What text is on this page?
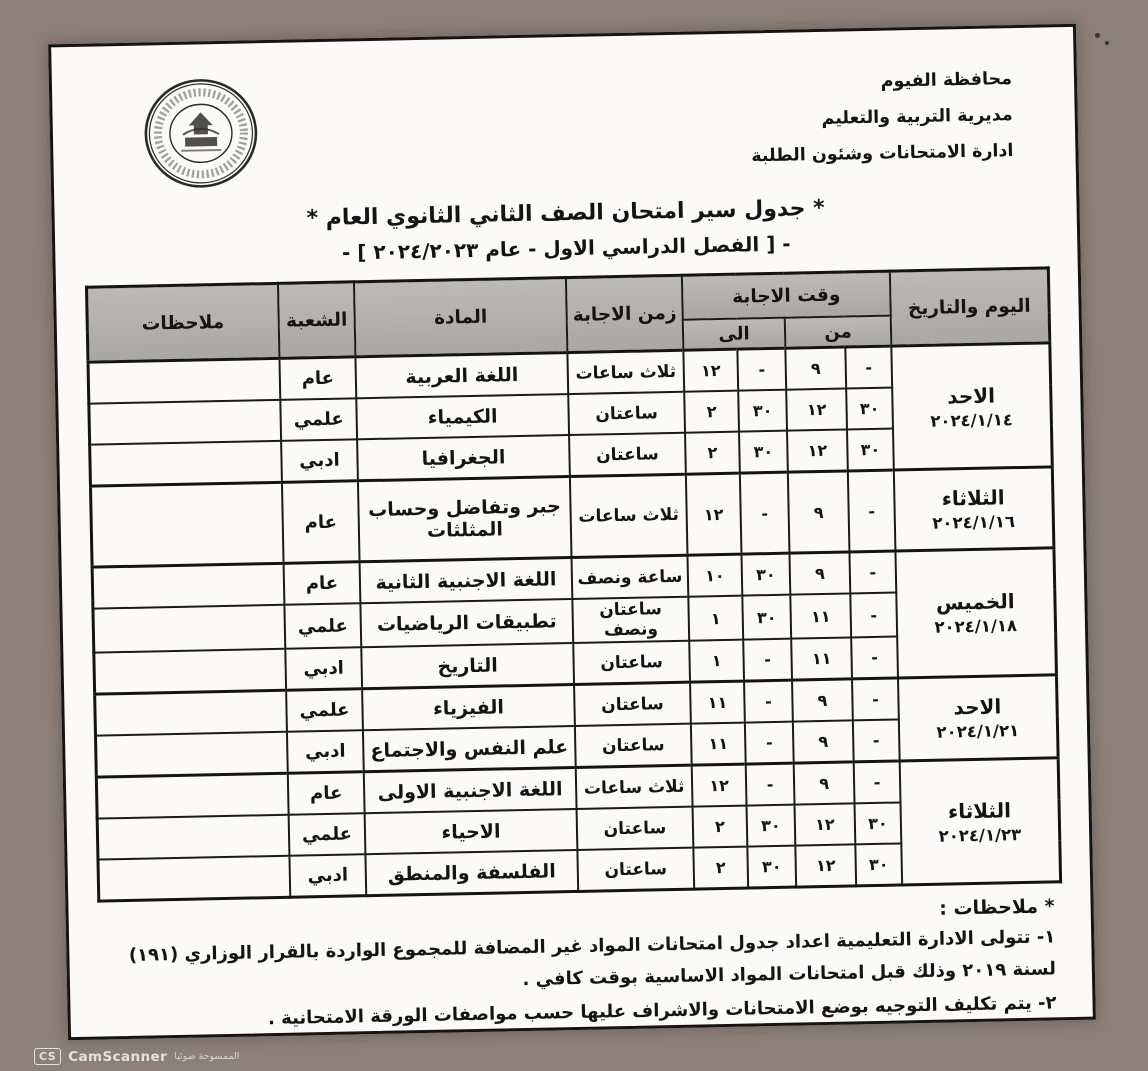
محافظة الفيوم
مديرية التربية والتعليم
ادارة الامتحانات وشئون الطلبة
* جدول سير امتحان الصف الثاني الثانوي العام *
- [ الفصل الدراسي الاول - عام ٢٠٢٤/٢٠٢٣ ] -
اليوم والتاريخ	وقت الاجابة				زمن الاجابة	المادة	الشعبة	ملاحظات
	من		الى					

الاحد
٢٠٢٤/١/١٤	-	٩	-	١٢	ثلاث ساعات	اللغة العربية	عام	
	٣٠	١٢	٣٠	٢	ساعتان	الكيمياء	علمي	
	٣٠	١٢	٣٠	٢	ساعتان	الجغرافيا	ادبي	

الثلاثاء
٢٠٢٤/١/١٦	-	٩	-	١٢	ثلاث ساعات	جبر وتفاضل وحساب المثلثات	عام	

الخميس
٢٠٢٤/١/١٨	-	٩	٣٠	١٠	ساعة ونصف	اللغة الاجنبية الثانية	عام	
	-	١١	٣٠	١	ساعتان ونصف	تطبيقات الرياضيات	علمي	
	-	١١	-	١	ساعتان	التاريخ	ادبي	

الاحد
٢٠٢٤/١/٢١	-	٩	-	١١	ساعتان	الفيزياء	علمي	
	-	٩	-	١١	ساعتان	علم النفس والاجتماع	ادبي	

الثلاثاء
٢٠٢٤/١/٢٣	-	٩	-	١٢	ثلاث ساعات	اللغة الاجنبية الاولى	عام	
	٣٠	١٢	٣٠	٢	ساعتان	الاحياء	علمي	
	٣٠	١٢	٣٠	٢	ساعتان	الفلسفة والمنطق	ادبي	

* ملاحظات :

١- تتولى الادارة التعليمية اعداد جدول امتحانات المواد غير المضافة للمجموع الواردة بالقرار الوزاري (١٩١) لسنة ٢٠١٩ وذلك قبل امتحانات المواد الاساسية بوقت كافي .

٢- يتم تكليف التوجيه بوضع الامتحانات والاشراف عليها حسب مواصفات الورقة الامتحانية .

CS CamScanner الممسوحة ضوئيا
